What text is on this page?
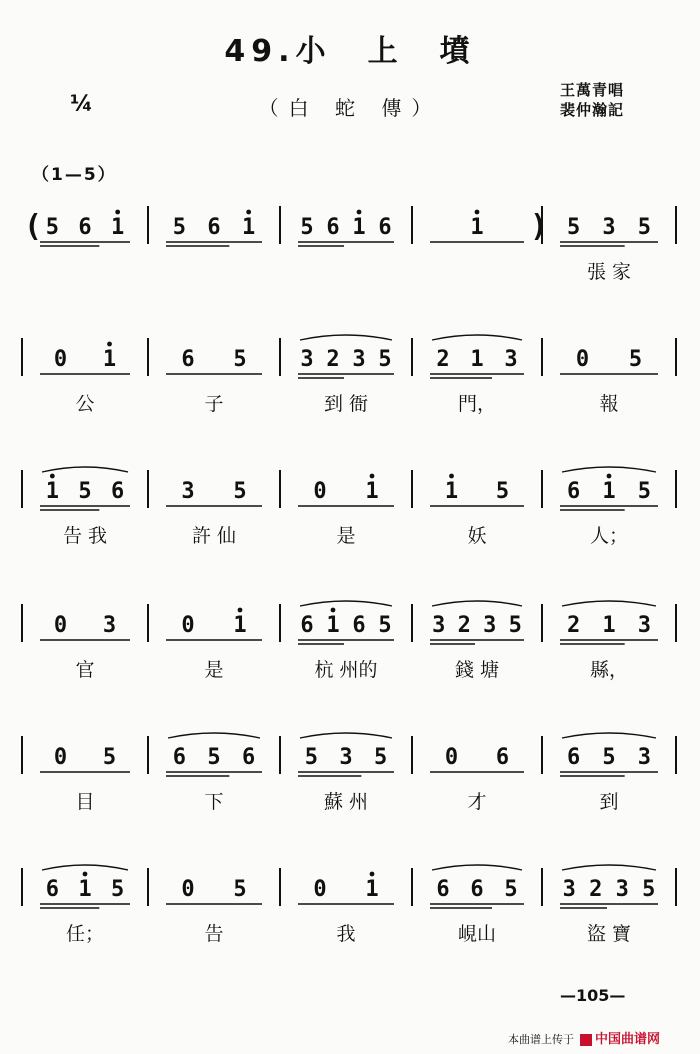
49.小　上　墳
¼	（白 蛇 傳）
王萬青唱
裴仲瀚記
（1—5）
( 5 6 1 5 6 1 5 6 1 6	)
1	5 3 5
張 家
0 1
公
6 5
子
3 2 3 5
到 衙
2 1 3
門，
0 5
報
1 5 6
告 我
3 5
許 仙
0 1
是
1 5
妖
6 1 5
人；
0 3
官
0 1
是
6 1 6 5
杭 州的
3 2 3 5
錢 塘
2 1 3
縣，
0 5
目
6 5 6
下
5 3 5
蘇 州
0 6
才
6 5 3
到
6 1 5
任；
0 5
告
0 1
我
6 6 5
峴山
3 2 3 5
盜 寶
—105—
本曲谱上传于 中国曲谱网
